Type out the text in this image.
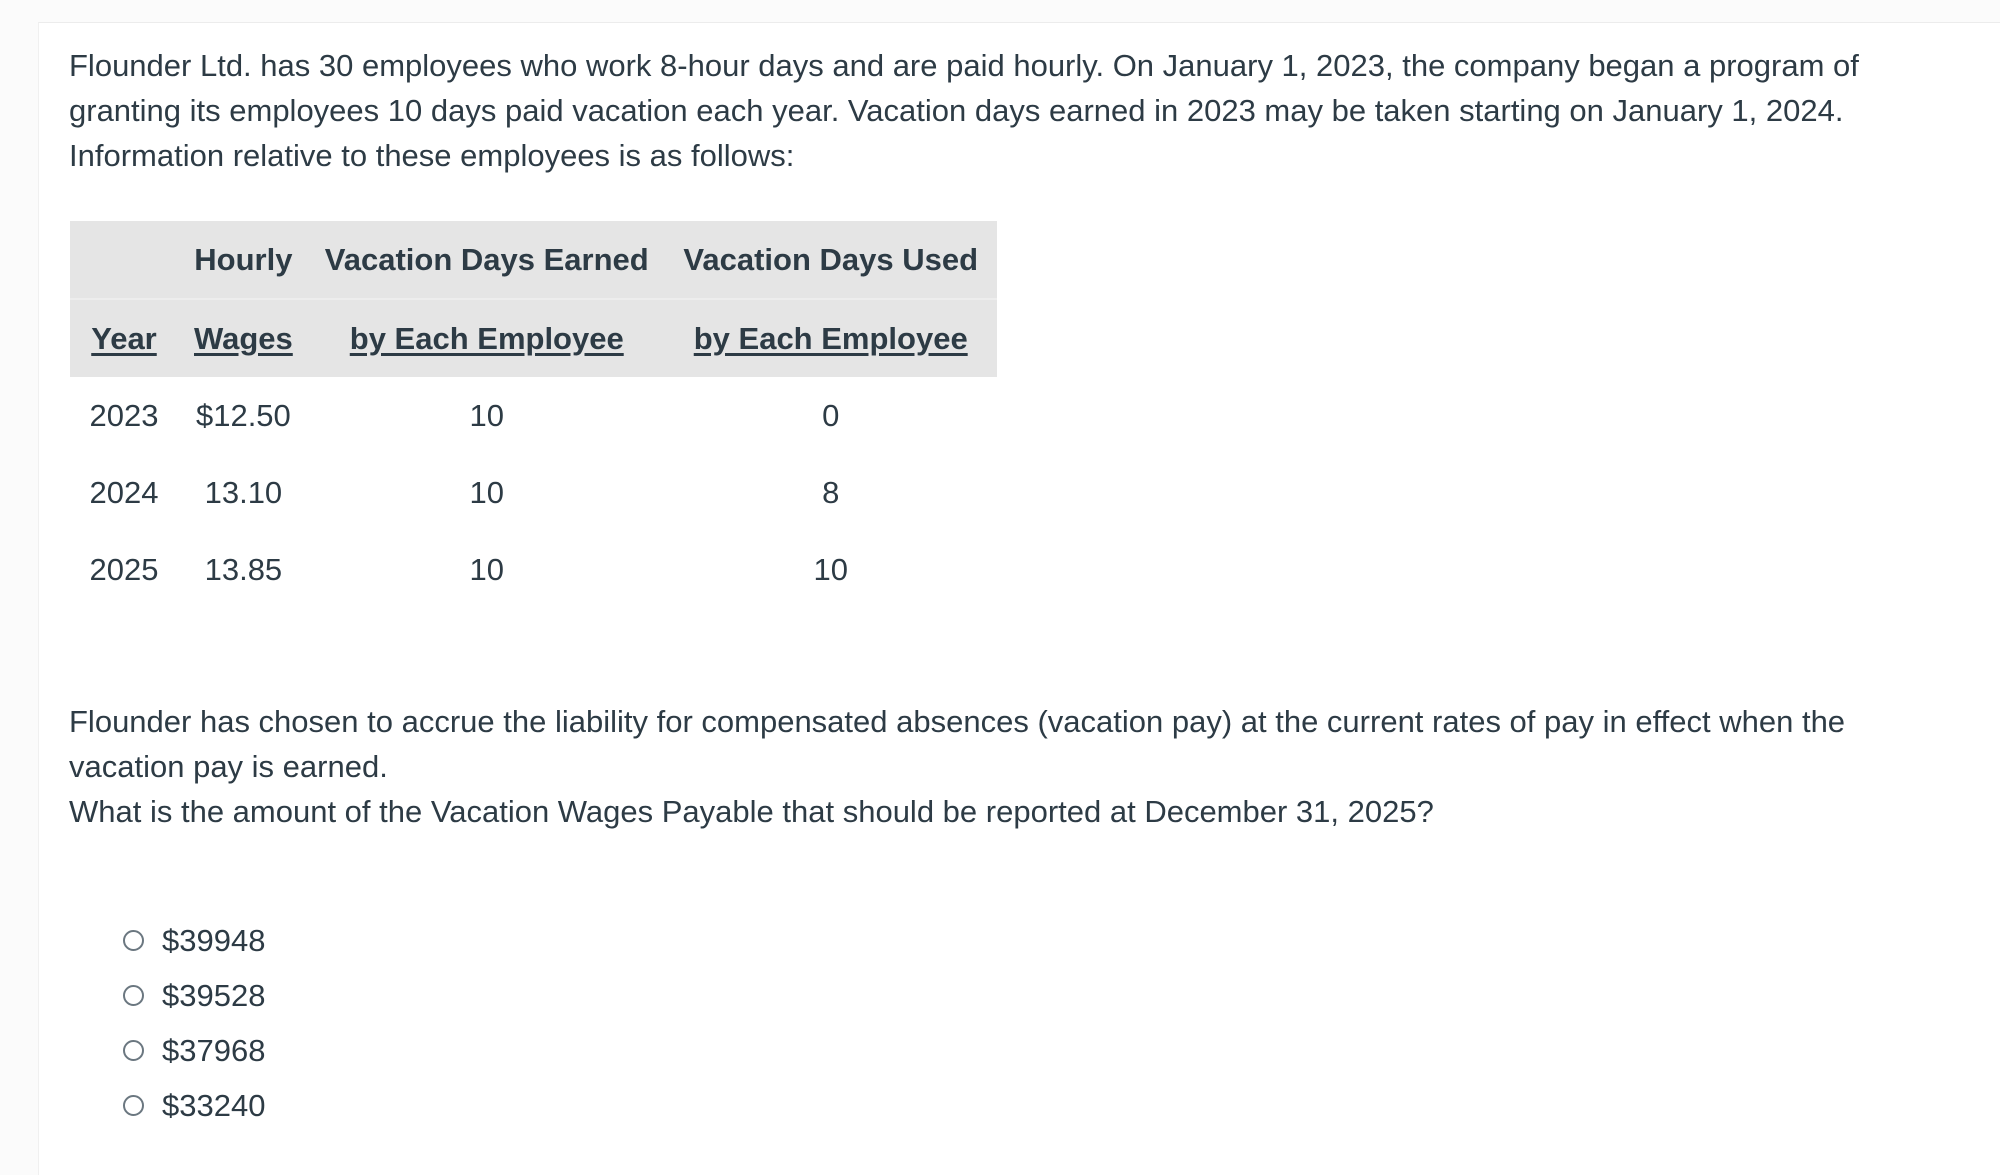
Flounder Ltd. has 30 employees who work 8-hour days and are paid hourly. On January 1, 2023, the company began a program of granting its employees 10 days paid vacation each year. Vacation days earned in 2023 may be taken starting on January 1, 2024. Information relative to these employees is as follows:

	Hourly	Vacation Days Earned	Vacation Days Used
Year	Wages	by Each Employee	by Each Employee
2023	$12.50	10	0
2024	13.10	10	8
2025	13.85	10	10

Flounder has chosen to accrue the liability for compensated absences (vacation pay) at the current rates of pay in effect when the vacation pay is earned.
What is the amount of the Vacation Wages Payable that should be reported at December 31, 2025?

$39948
$39528
$37968
$33240
